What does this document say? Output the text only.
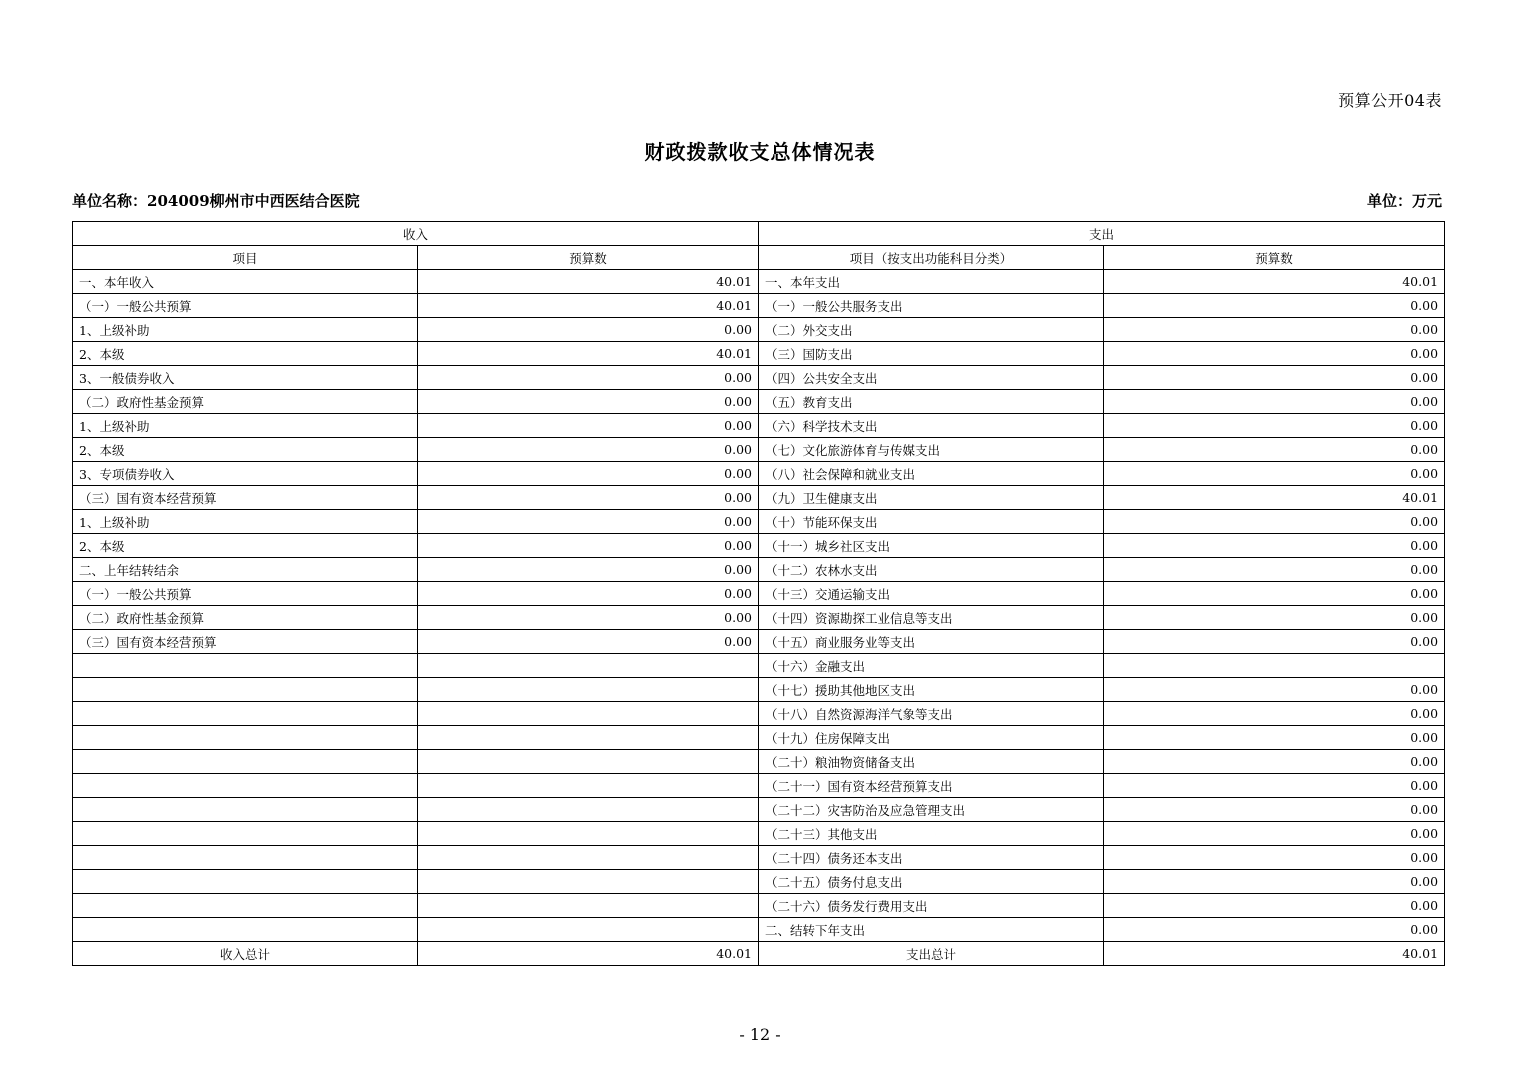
预算公开04表
财政拨款收支总体情况表
单位名称：204009柳州市中西医结合医院	单位：万元
收入		支出	
项目	预算数	项目（按支出功能科目分类）	预算数
一、本年收入	40.01	一、本年支出	40.01
（一）一般公共预算	40.01	（一）一般公共服务支出	0.00
1、上级补助	0.00	（二）外交支出	0.00
2、本级	40.01	（三）国防支出	0.00
3、一般债券收入	0.00	（四）公共安全支出	0.00
（二）政府性基金预算	0.00	（五）教育支出	0.00
1、上级补助	0.00	（六）科学技术支出	0.00
2、本级	0.00	（七）文化旅游体育与传媒支出	0.00
3、专项债券收入	0.00	（八）社会保障和就业支出	0.00
（三）国有资本经营预算	0.00	（九）卫生健康支出	40.01
1、上级补助	0.00	（十）节能环保支出	0.00
2、本级	0.00	（十一）城乡社区支出	0.00
二、上年结转结余	0.00	（十二）农林水支出	0.00
（一）一般公共预算	0.00	（十三）交通运输支出	0.00
（二）政府性基金预算	0.00	（十四）资源勘探工业信息等支出	0.00
（三）国有资本经营预算	0.00	（十五）商业服务业等支出	0.00
		（十六）金融支出	
		（十七）援助其他地区支出	0.00
		（十八）自然资源海洋气象等支出	0.00
		（十九）住房保障支出	0.00
		（二十）粮油物资储备支出	0.00
		（二十一）国有资本经营预算支出	0.00
		（二十二）灾害防治及应急管理支出	0.00
		（二十三）其他支出	0.00
		（二十四）债务还本支出	0.00
		（二十五）债务付息支出	0.00
		（二十六）债务发行费用支出	0.00
		二、结转下年支出	0.00
收入总计	40.01	支出总计	40.01
- 12 -
